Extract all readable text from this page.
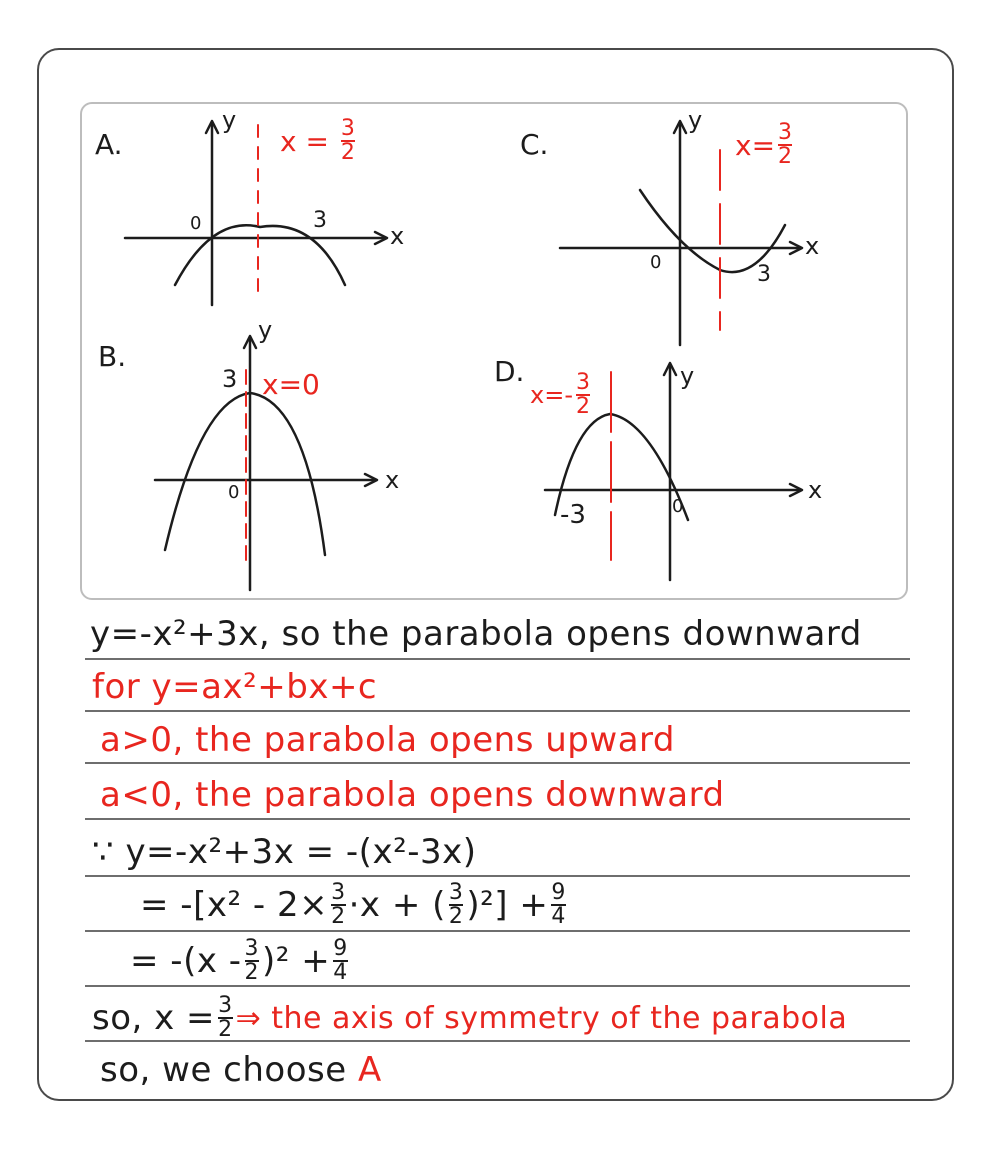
A.
y
x
0	3
$x = \frac{3}{2}$	C.
y
x
0	3
$x= \frac{3}{2}$
B.
y
x
0
3 x=0	D.	y
x
0
-3
$x=- \frac{3}{2}$
y=-x²+3x, so the parabola opens downward
for y=ax²+bx+c
a>0, the parabola opens upward
a<0, the parabola opens downward
∵ y=-x²+3x = -(x²-3x)
= $-[x^2 - 2\times \frac{3}{2} \cdot x$ + ( $\frac{3}{2} )^2] + \frac{9}{4}$
= $-(x - \frac{3}{2} )^2 + \frac{9}{4}$
so, $x = \frac{3}{2}$ ⇒ the axis of symmetry of the parabola
so, we choose A
